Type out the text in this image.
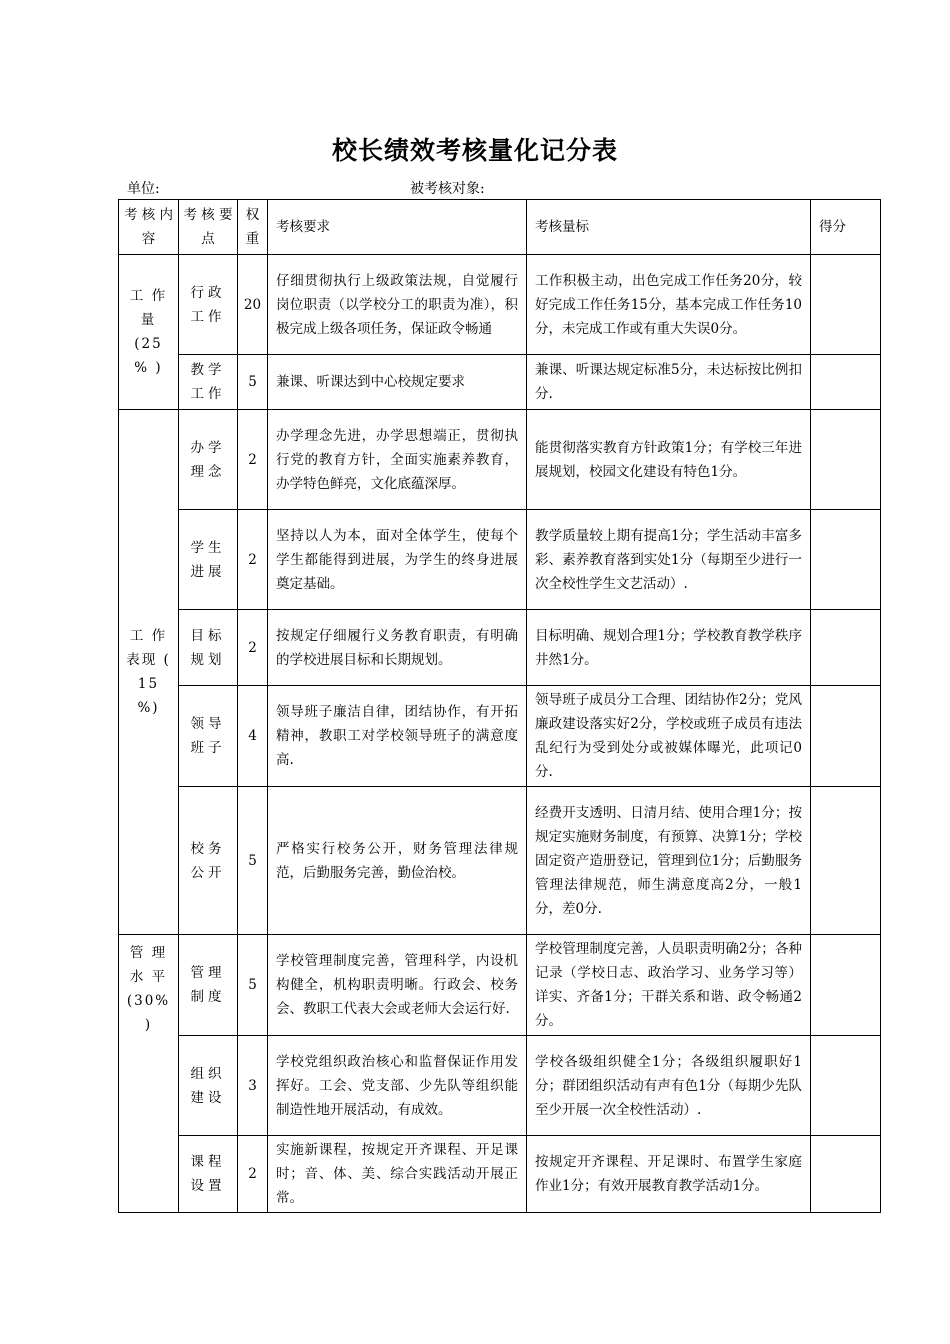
校长绩效考核量化记分表
单位:	被考核对象:
考 核 内容	考 核 要点	权 重	考核要求	考核量标	得分
工 作 量 (25 % )	行政工作	20	仔细贯彻执行上级政策法规，自觉履行岗位职责（以学校分工的职责为准），积极完成上级各项任务，保证政令畅通	工作积极主动，出色完成工作任务20分，较好完成工作任务15分，基本完成工作任务10分，未完成工作或有重大失误0分。	
	教学工作	5	兼课、听课达到中心校规定要求	兼课、听课达规定标准5分，未达标按比例扣分.	
工 作 表现 ( 15 %)	办学理念	2	办学理念先进，办学思想端正，贯彻执行党的教育方针，全面实施素养教育，办学特色鲜亮，文化底蕴深厚。	能贯彻落实教育方针政策1分；有学校三年进展规划，校园文化建设有特色1分。	
	学生进展	2	坚持以人为本，面对全体学生，使每个学生都能得到进展，为学生的终身进展奠定基础。	教学质量较上期有提高1分；学生活动丰富多彩、素养教育落到实处1分（每期至少进行一次全校性学生文艺活动）.	
	目标规划	2	按规定仔细履行义务教育职责，有明确的学校进展目标和长期规划。	目标明确、规划合理1分；学校教育教学秩序井然1分。	
	领导班子	4	领导班子廉洁自律，团结协作，有开拓精神，教职工对学校领导班子的满意度高.	领导班子成员分工合理、团结协作2分；党风廉政建设落实好2分，学校或班子成员有违法乱纪行为受到处分或被媒体曝光，此项记0分.	
	校务公开	5	严格实行校务公开，财务管理法律规范，后勤服务完善，勤俭治校。	经费开支透明、日清月结、使用合理1分；按规定实施财务制度，有预算、决算1分；学校固定资产造册登记，管理到位1分；后勤服务管理法律规范，师生满意度高2分，一般1分，差0分.	
管 理 水 平 (30% )	管理制度	5	学校管理制度完善，管理科学，内设机构健全，机构职责明晰。行政会、校务会、教职工代表大会或老师大会运行好.	学校管理制度完善，人员职责明确2分；各种记录（学校日志、政治学习、业务学习等）详实、齐备1分；干群关系和谐、政令畅通2分。	
	组织建设	3	学校党组织政治核心和监督保证作用发挥好。工会、党支部、少先队等组织能制造性地开展活动，有成效。	学校各级组织健全1分；各级组织履职好1分；群团组织活动有声有色1分（每期少先队至少开展一次全校性活动）.	
	课程设置	2	实施新课程，按规定开齐课程、开足课时；音、体、美、综合实践活动开展正常。	按规定开齐课程、开足课时、布置学生家庭作业1分；有效开展教育教学活动1分。	
